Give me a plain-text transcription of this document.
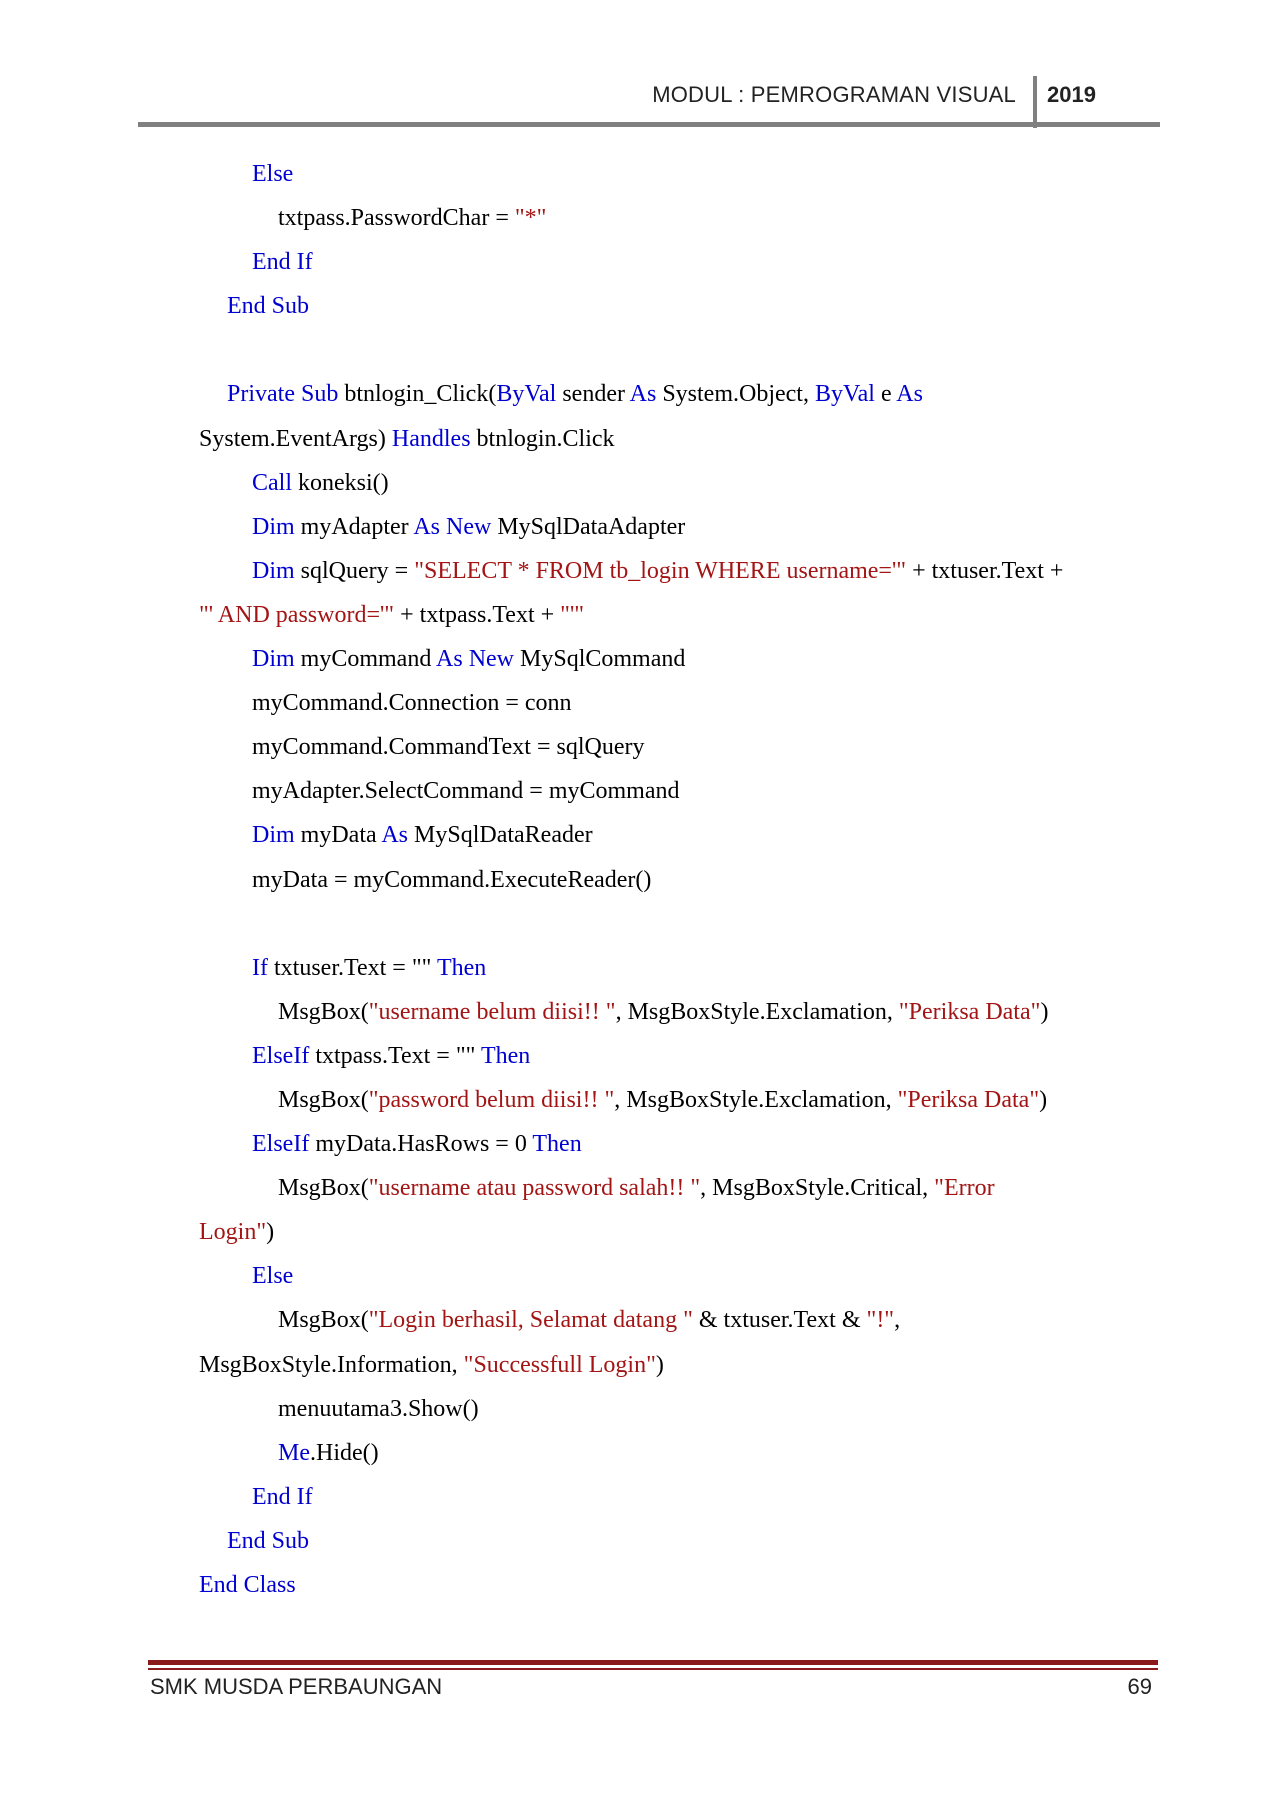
MODUL : PEMROGRAMAN VISUAL 2019
Else
txtpass.PasswordChar = "*"
End If
End Sub
Private Sub btnlogin_Click(ByVal sender As System.Object, ByVal e As
System.EventArgs) Handles btnlogin.Click
Call koneksi()
Dim myAdapter As New MySqlDataAdapter
Dim sqlQuery = "SELECT * FROM tb_login WHERE username='" + txtuser.Text +
"' AND password='" + txtpass.Text + "'"
Dim myCommand As New MySqlCommand
myCommand.Connection = conn
myCommand.CommandText = sqlQuery
myAdapter.SelectCommand = myCommand
Dim myData As MySqlDataReader
myData = myCommand.ExecuteReader()
If txtuser.Text = "" Then
MsgBox("username belum diisi!! ", MsgBoxStyle.Exclamation, "Periksa Data")
ElseIf txtpass.Text = "" Then
MsgBox("password belum diisi!! ", MsgBoxStyle.Exclamation, "Periksa Data")
ElseIf myData.HasRows = 0 Then
MsgBox("username atau password salah!! ", MsgBoxStyle.Critical, "Error
Login")
Else
MsgBox("Login berhasil, Selamat datang " & txtuser.Text & "!",
MsgBoxStyle.Information, "Successfull Login")
menuutama3.Show()
Me.Hide()
End If
End Sub
End Class
SMK MUSDA PERBAUNGAN	69
